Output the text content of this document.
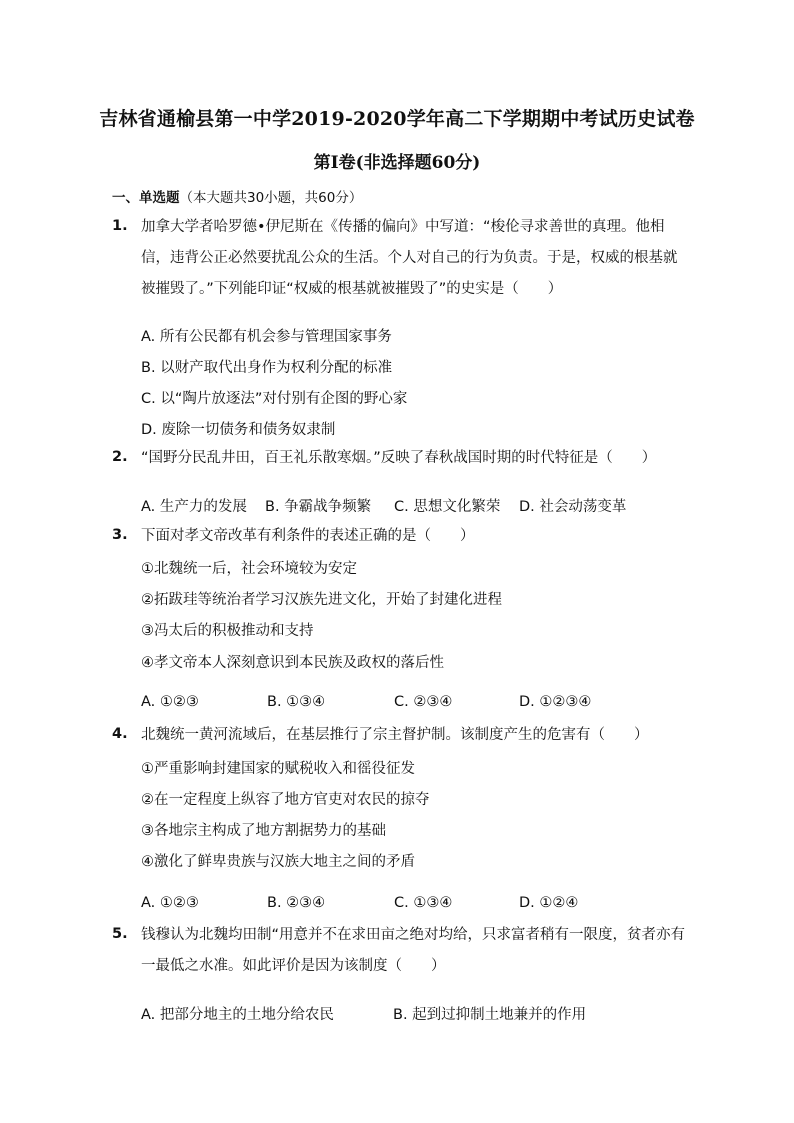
吉林省通榆县第一中学2019-2020学年高二下学期期中考试历史试卷
第I卷(非选择题60分)
一、单选题（本大题共30小题，共60分）
1. 加拿大学者哈罗德•伊尼斯在《传播的偏向》中写道：“梭伦寻求善世的真理。他相信，违背公正必然要扰乱公众的生活。个人对自己的行为负责。于是，权威的根基就被摧毁了。”下列能印证“权威的根基就被摧毁了”的史实是（　　）
A. 所有公民都有机会参与管理国家事务
B. 以财产取代出身作为权利分配的标准
C. 以“陶片放逐法”对付别有企图的野心家
D. 废除一切债务和债务奴隶制
2. “国野分民乱井田，百王礼乐散寒烟。”反映了春秋战国时期的时代特征是（　　）
A. 生产力的发展 B. 争霸战争频繁 C. 思想文化繁荣 D. 社会动荡变革
3. 下面对孝文帝改革有利条件的表述正确的是（　　）
①北魏统一后，社会环境较为安定
②拓跋珪等统治者学习汉族先进文化，开始了封建化进程
③冯太后的积极推动和支持
④孝文帝本人深刻意识到本民族及政权的落后性
A. ①②③	B. ①③④	C. ②③④	D. ①②③④
4. 北魏统一黄河流域后，在基层推行了宗主督护制。该制度产生的危害有（　　）
①严重影响封建国家的赋税收入和徭役征发
②在一定程度上纵容了地方官吏对农民的掠夺
③各地宗主构成了地方割据势力的基础
④激化了鲜卑贵族与汉族大地主之间的矛盾
A. ①②③	B. ②③④	C. ①③④	D. ①②④
5. 钱穆认为北魏均田制“用意并不在求田亩之绝对均给，只求富者稍有一限度，贫者亦有一最低之水准。如此评价是因为该制度（　　）
A. 把部分地主的土地分给农民	B. 起到过抑制土地兼并的作用
